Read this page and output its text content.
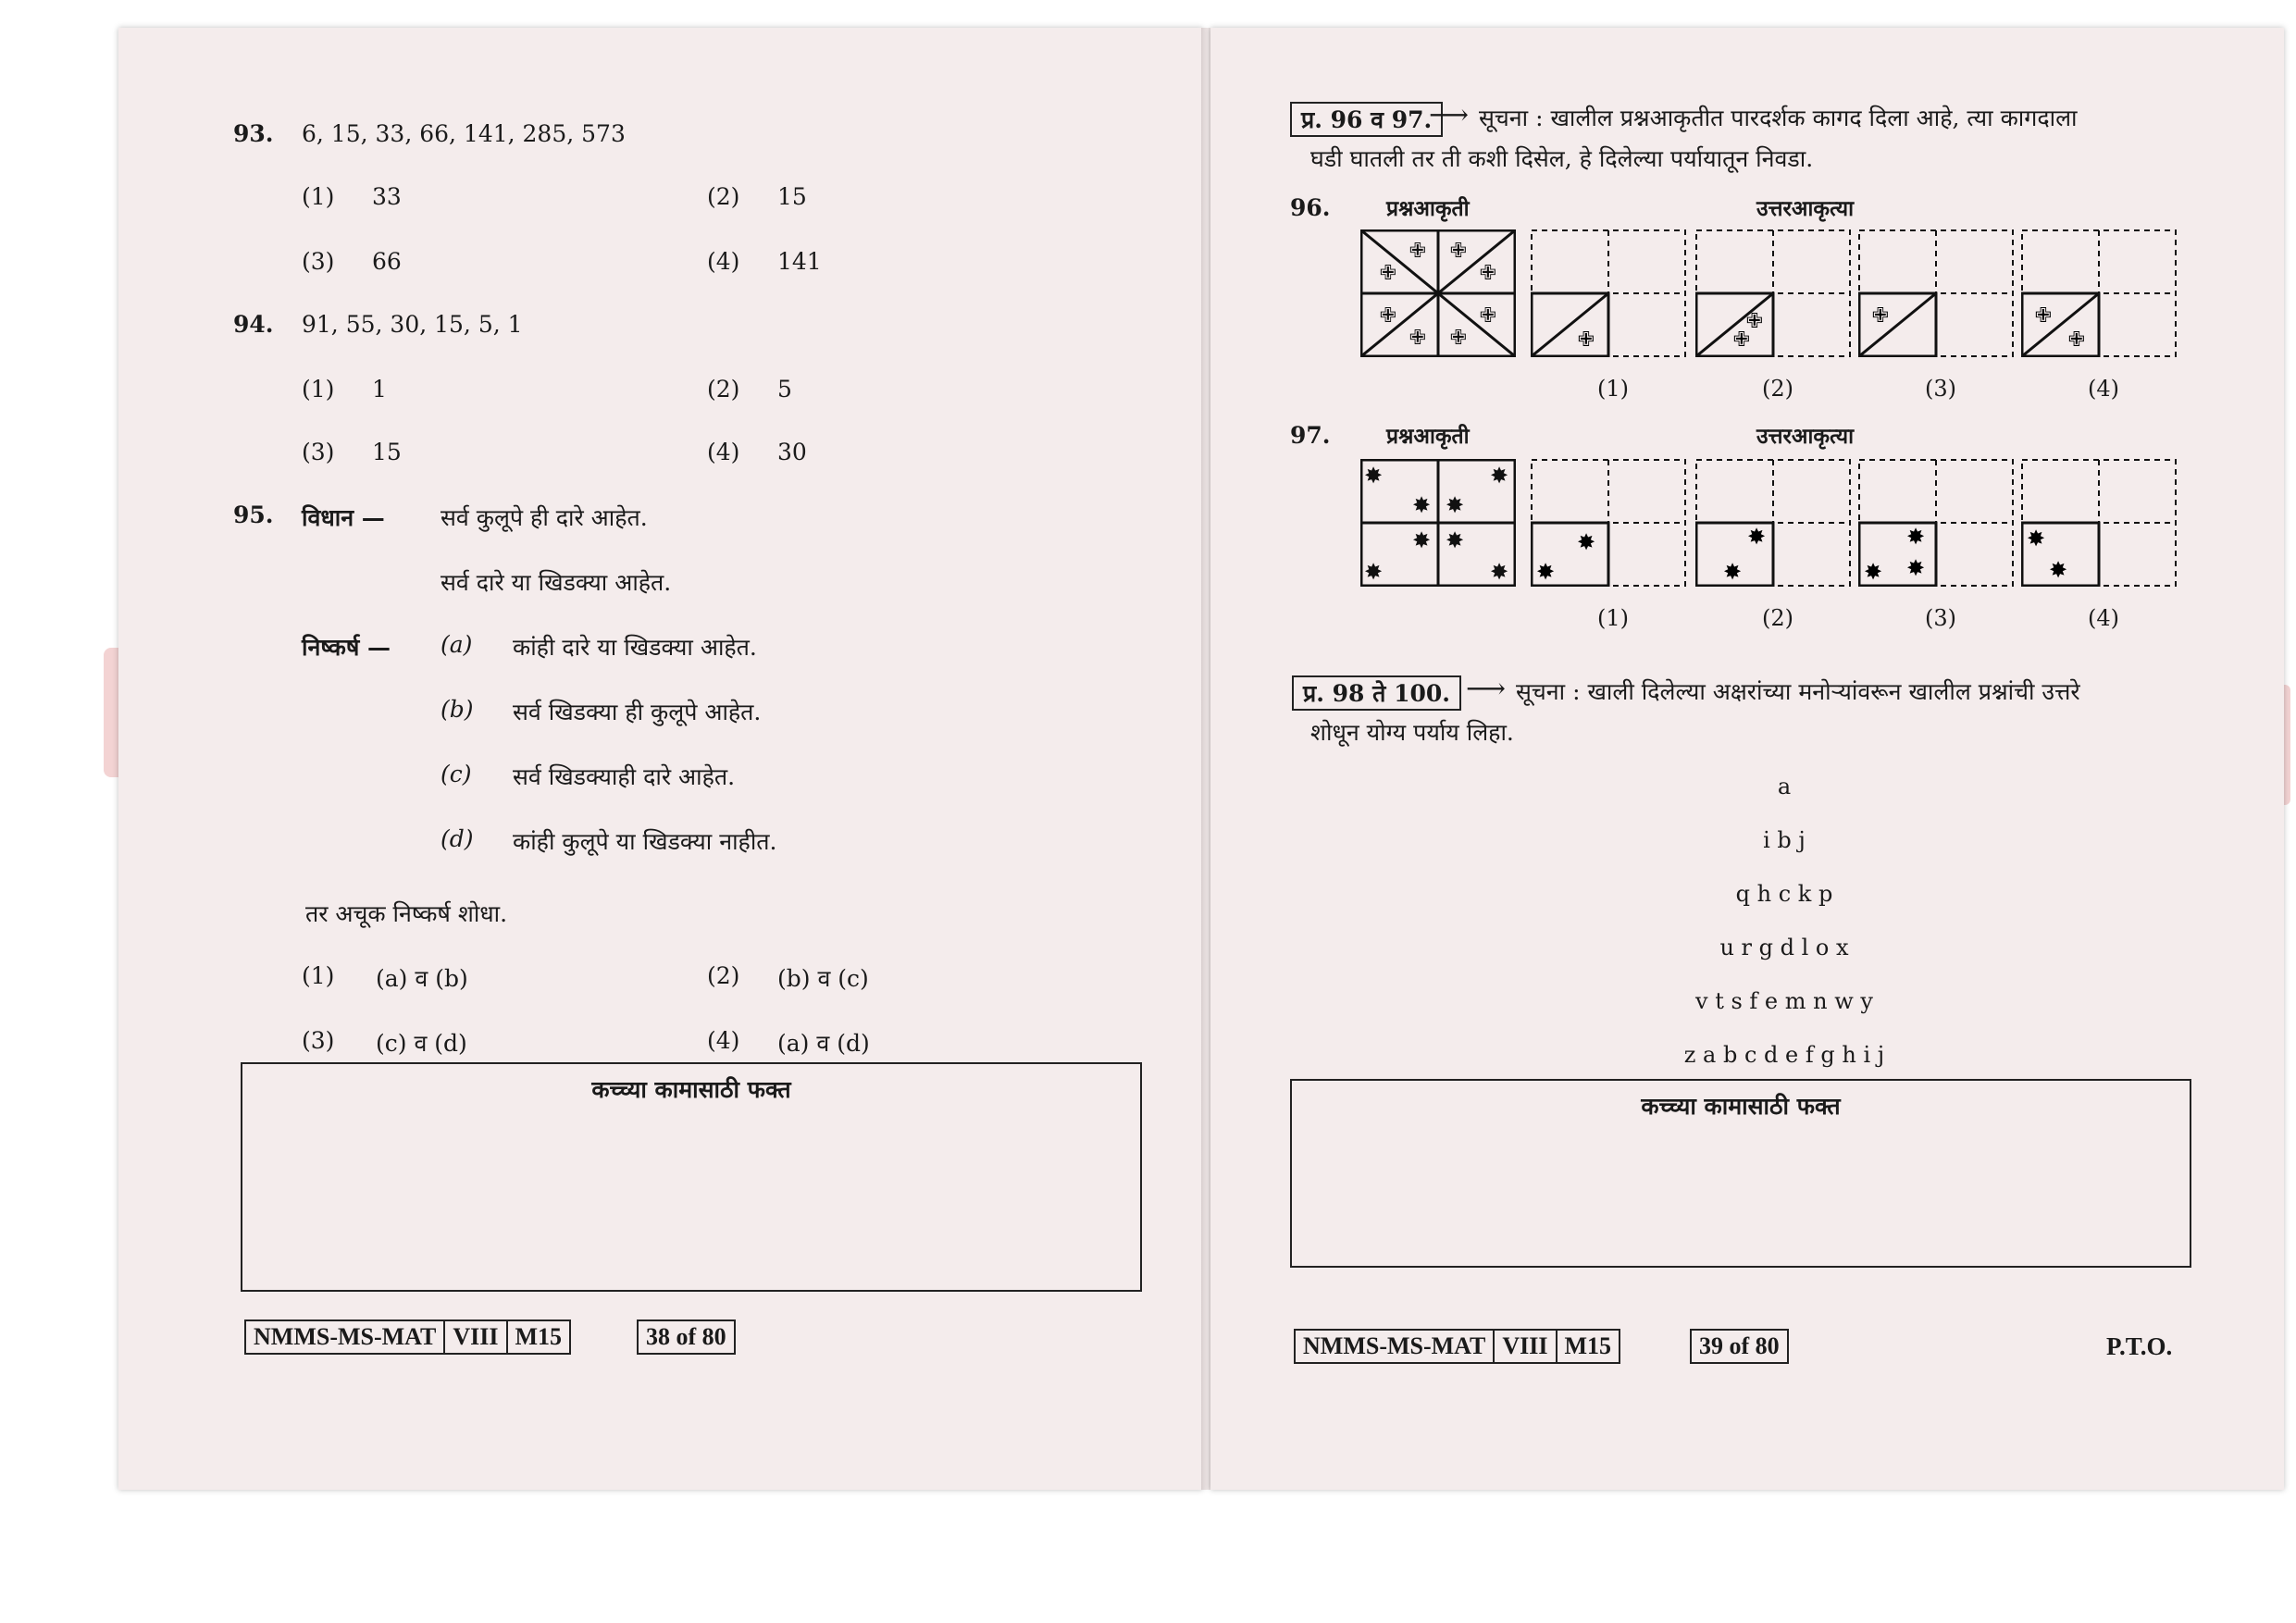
93. 6, 15, 33, 66, 141, 285, 573
(1) 33	(2) 15
(3) 66	(4) 141
94. 91, 55, 30, 15, 5, 1
(1) 1	(2) 5
(3) 15	(4) 30
95. विधान — सर्व कुलूपे ही दारे आहेत.
सर्व दारे या खिडक्या आहेत.
निष्कर्ष — (a) कांही दारे या खिडक्या आहेत.
(b) सर्व खिडक्या ही कुलूपे आहेत.
(c) सर्व खिडक्याही दारे आहेत.
(d) कांही कुलूपे या खिडक्या नाहीत.
तर अचूक निष्कर्ष शोधा.
(1) (a) व (b)	(2) (b) व (c)
(3) (c) व (d)	(4) (a) व (d)
कच्च्या कामासाठी फक्त
NMMS-MS-MAT VIII M15	38 of 80
प्र. 96 व 97.
⟶ सूचना : खालील प्रश्नआकृतीत पारदर्शक कागद दिला आहे, त्या कागदाला
घडी घातली तर ती कशी दिसेल, हे दिलेल्या पर्यायातून निवडा.
96.	प्रश्नआकृती	उत्तरआकृत्या
✙ ✙
✙	✙
✙	✙
✙ ✙	✙
✙
✙
✙	✙
✙
(1)	(2)	(3)	(4)
97.	प्रश्नआकृती	उत्तरआकृत्या
✸	✸
✸ ✸
✸ ✸
✸	✸
✸
✸
✸
✸
✸
✸
✸
✸
✸
(1)	(2)	(3)	(4)
प्र. 98 ते 100. ⟶ सूचना : खाली दिलेल्या अक्षरांच्या मनोऱ्यांवरून खालील प्रश्नांची उत्तरे
शोधून योग्य पर्याय लिहा.
a
i b j
q h c k p
u r g d l o x
v t s f e m n w y
z a b c d e f g h i j
कच्च्या कामासाठी फक्त
NMMS-MS-MAT VIII M15	39 of 80	P.T.O.
